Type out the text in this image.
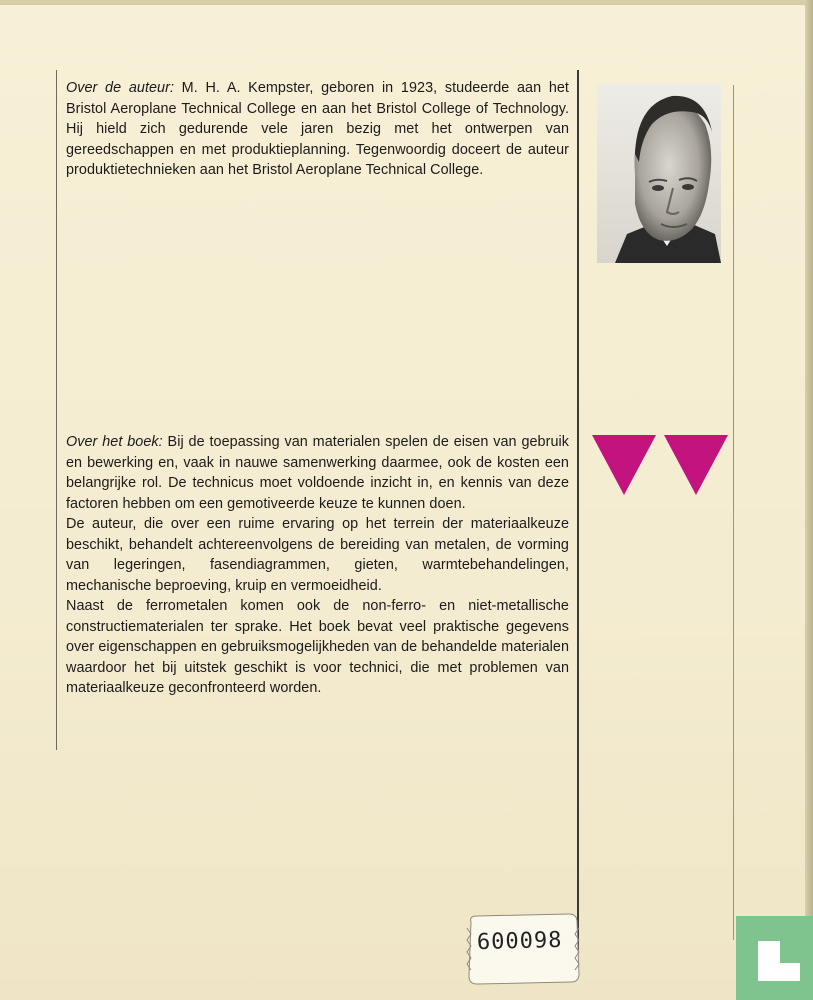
Over de auteur: M. H. A. Kempster, geboren in 1923, studeerde aan het Bristol Aeroplane Technical College en aan het Bristol College of Technology. Hij hield zich gedurende vele jaren bezig met het ontwerpen van gereedschappen en met produktieplanning. Tegenwoordig doceert de auteur produktietechnieken aan het Bristol Aeroplane Technical College.

Over het boek: Bij de toepassing van materialen spelen de eisen van gebruik en bewerking en, vaak in nauwe samenwerking daarmee, ook de kosten een belangrijke rol. De technicus moet voldoende inzicht in, en kennis van deze factoren hebben om een gemotiveerde keuze te kunnen doen.

De auteur, die over een ruime ervaring op het terrein der materiaalkeuze beschikt, behandelt achtereenvolgens de bereiding van metalen, de vorming van legeringen, fasendiagrammen, gieten, warmtebehandelingen, mechanische beproeving, kruip en vermoeidheid.

Naast de ferrometalen komen ook de non-ferro- en niet-metallische constructiematerialen ter sprake. Het boek bevat veel praktische gegevens over eigenschappen en gebruiksmogelijkheden van de behandelde materialen waardoor het bij uitstek geschikt is voor technici, die met problemen van materiaalkeuze geconfronteerd worden.

600098
